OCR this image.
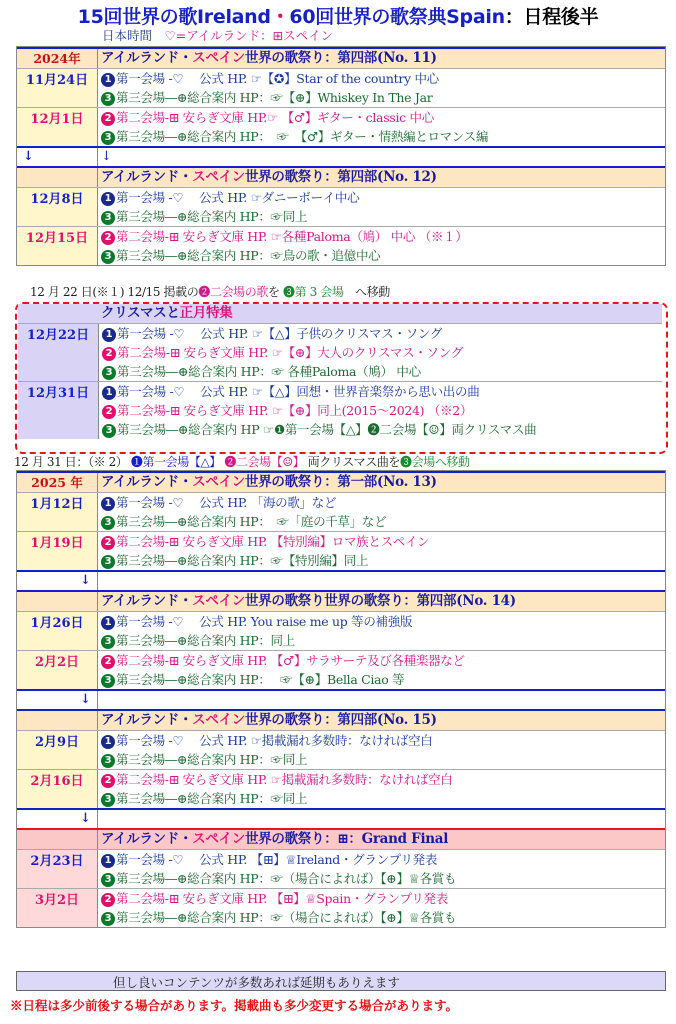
15回世界の歌Ireland・60回世界の歌祭典Spain：日程後半
日本時間　 ♡=アイルランド：⊞スペイン
2024年	アイルランド・スペイン世界の歌祭り：第四部(No. 11)
11月24日	1 第一会場 -♡　 公式 HP. ☞【✪】Star of the country 中心
3 第三会場―⊕総合案内 HP：☞【⊕】Whiskey In The Jar
12月1日	2 第二会場-⊞ 安らぎ文庫 HP.☞ 【♂】ギター・classic 中心
3 第三会場―⊕総合案内 HP：　☞　【♂】ギター・情熱編とロマンス編
↓	↓
アイルランド・スペイン世界の歌祭り：第四部(No. 12)
12月8日	1 第一会場 -♡　 公式 HP. ☞ダニーボーイ中心
3 第三会場―⊕総合案内 HP：☞同上
12月15日	2 第二会場-⊞ 安らぎ文庫 HP. ☞各種Paloma（鳩） 中心 （※１）
3 第三会場―⊕総合案内 HP：☞鳥の歌・追億中心
12 月 22 日(※１) 12/15 掲載の❷二会場の歌を ❸第 3 会場　へ移動
クリスマスと正月特集
12月22日	1 第一会場 -♡　 公式 HP. ☞【△】子供のクリスマス・ソング
2 第二会場-⊞ 安らぎ文庫 HP. ☞【⊕】大人のクリスマス・ソング
3 第三会場―⊕総合案内 HP：☞ 各種Paloma（鳩） 中心
12月31日	1 第一会場 -♡　 公式 HP. ☞【△】回想・世界音楽祭から思い出の曲
2 第二会場-⊞ 安らぎ文庫 HP. ☞【⊕】同上(2015～2024) （※2）
3 第三会場―⊕総合案内 HP ☞❶第一会場【△】❷二会場【☺】両クリスマス曲
12 月 31 日：（※ 2） ❶第一会場【△】 ❷二会場【☺】 両クリスマス曲を❸会場へ移動
2025 年	アイルランド・スペイン世界の歌祭り：第一部(No. 13)
1月12日	1 第一会場 -♡　 公式 HP. 「海の歌」など
3 第三会場―⊕総合案内 HP：　☞「庭の千草」など
1月19日	2 第二会場-⊞ 安らぎ文庫 HP. 【特別編】ロマ族とスペイン
3 第三会場―⊕総合案内 HP：☞【特別編】同上
↓
アイルランド・スペイン世界の歌祭り世界の歌祭り：第四部(No. 14)
1月26日	1 第一会場 -♡　 公式 HP. You raise me up 等の補強版
3 第三会場―⊕総合案内 HP：同上
2月2日	2 第二会場-⊞ 安らぎ文庫 HP. 【♂】サラサーテ及び各種楽器など
3 第三会場―⊕総合案内 HP：　 ☞【⊕】Bella Ciao 等
↓
アイルランド・スペイン世界の歌祭り：第四部(No. 15)
2月9日	1 第一会場 -♡　 公式 HP. ☞掲載漏れ多数時：なければ空白
3 第三会場―⊕総合案内 HP：☞同上
2月16日	2 第二会場-⊞ 安らぎ文庫 HP. ☞掲載漏れ多数時：なければ空白
3 第三会場―⊕総合案内 HP：☞同上
↓
アイルランド・スペイン世界の歌祭り：⊞：Grand Final
2月23日	1 第一会場 -♡　 公式 HP. 【⊞】♕Ireland・グランプリ発表
3 第三会場―⊕総合案内 HP：☞（場合によれば）【⊕】♕各賞も
3月2日	2 第二会場-⊞ 安らぎ文庫 HP. 【⊞】♕Spain・グランプリ発表
3 第三会場―⊕総合案内 HP：☞（場合によれば）【⊕】♕各賞も
但し良いコンテンツが多数あれば延期もありえます
※日程は多少前後する場合があります。掲載曲も多少変更する場合があります。
